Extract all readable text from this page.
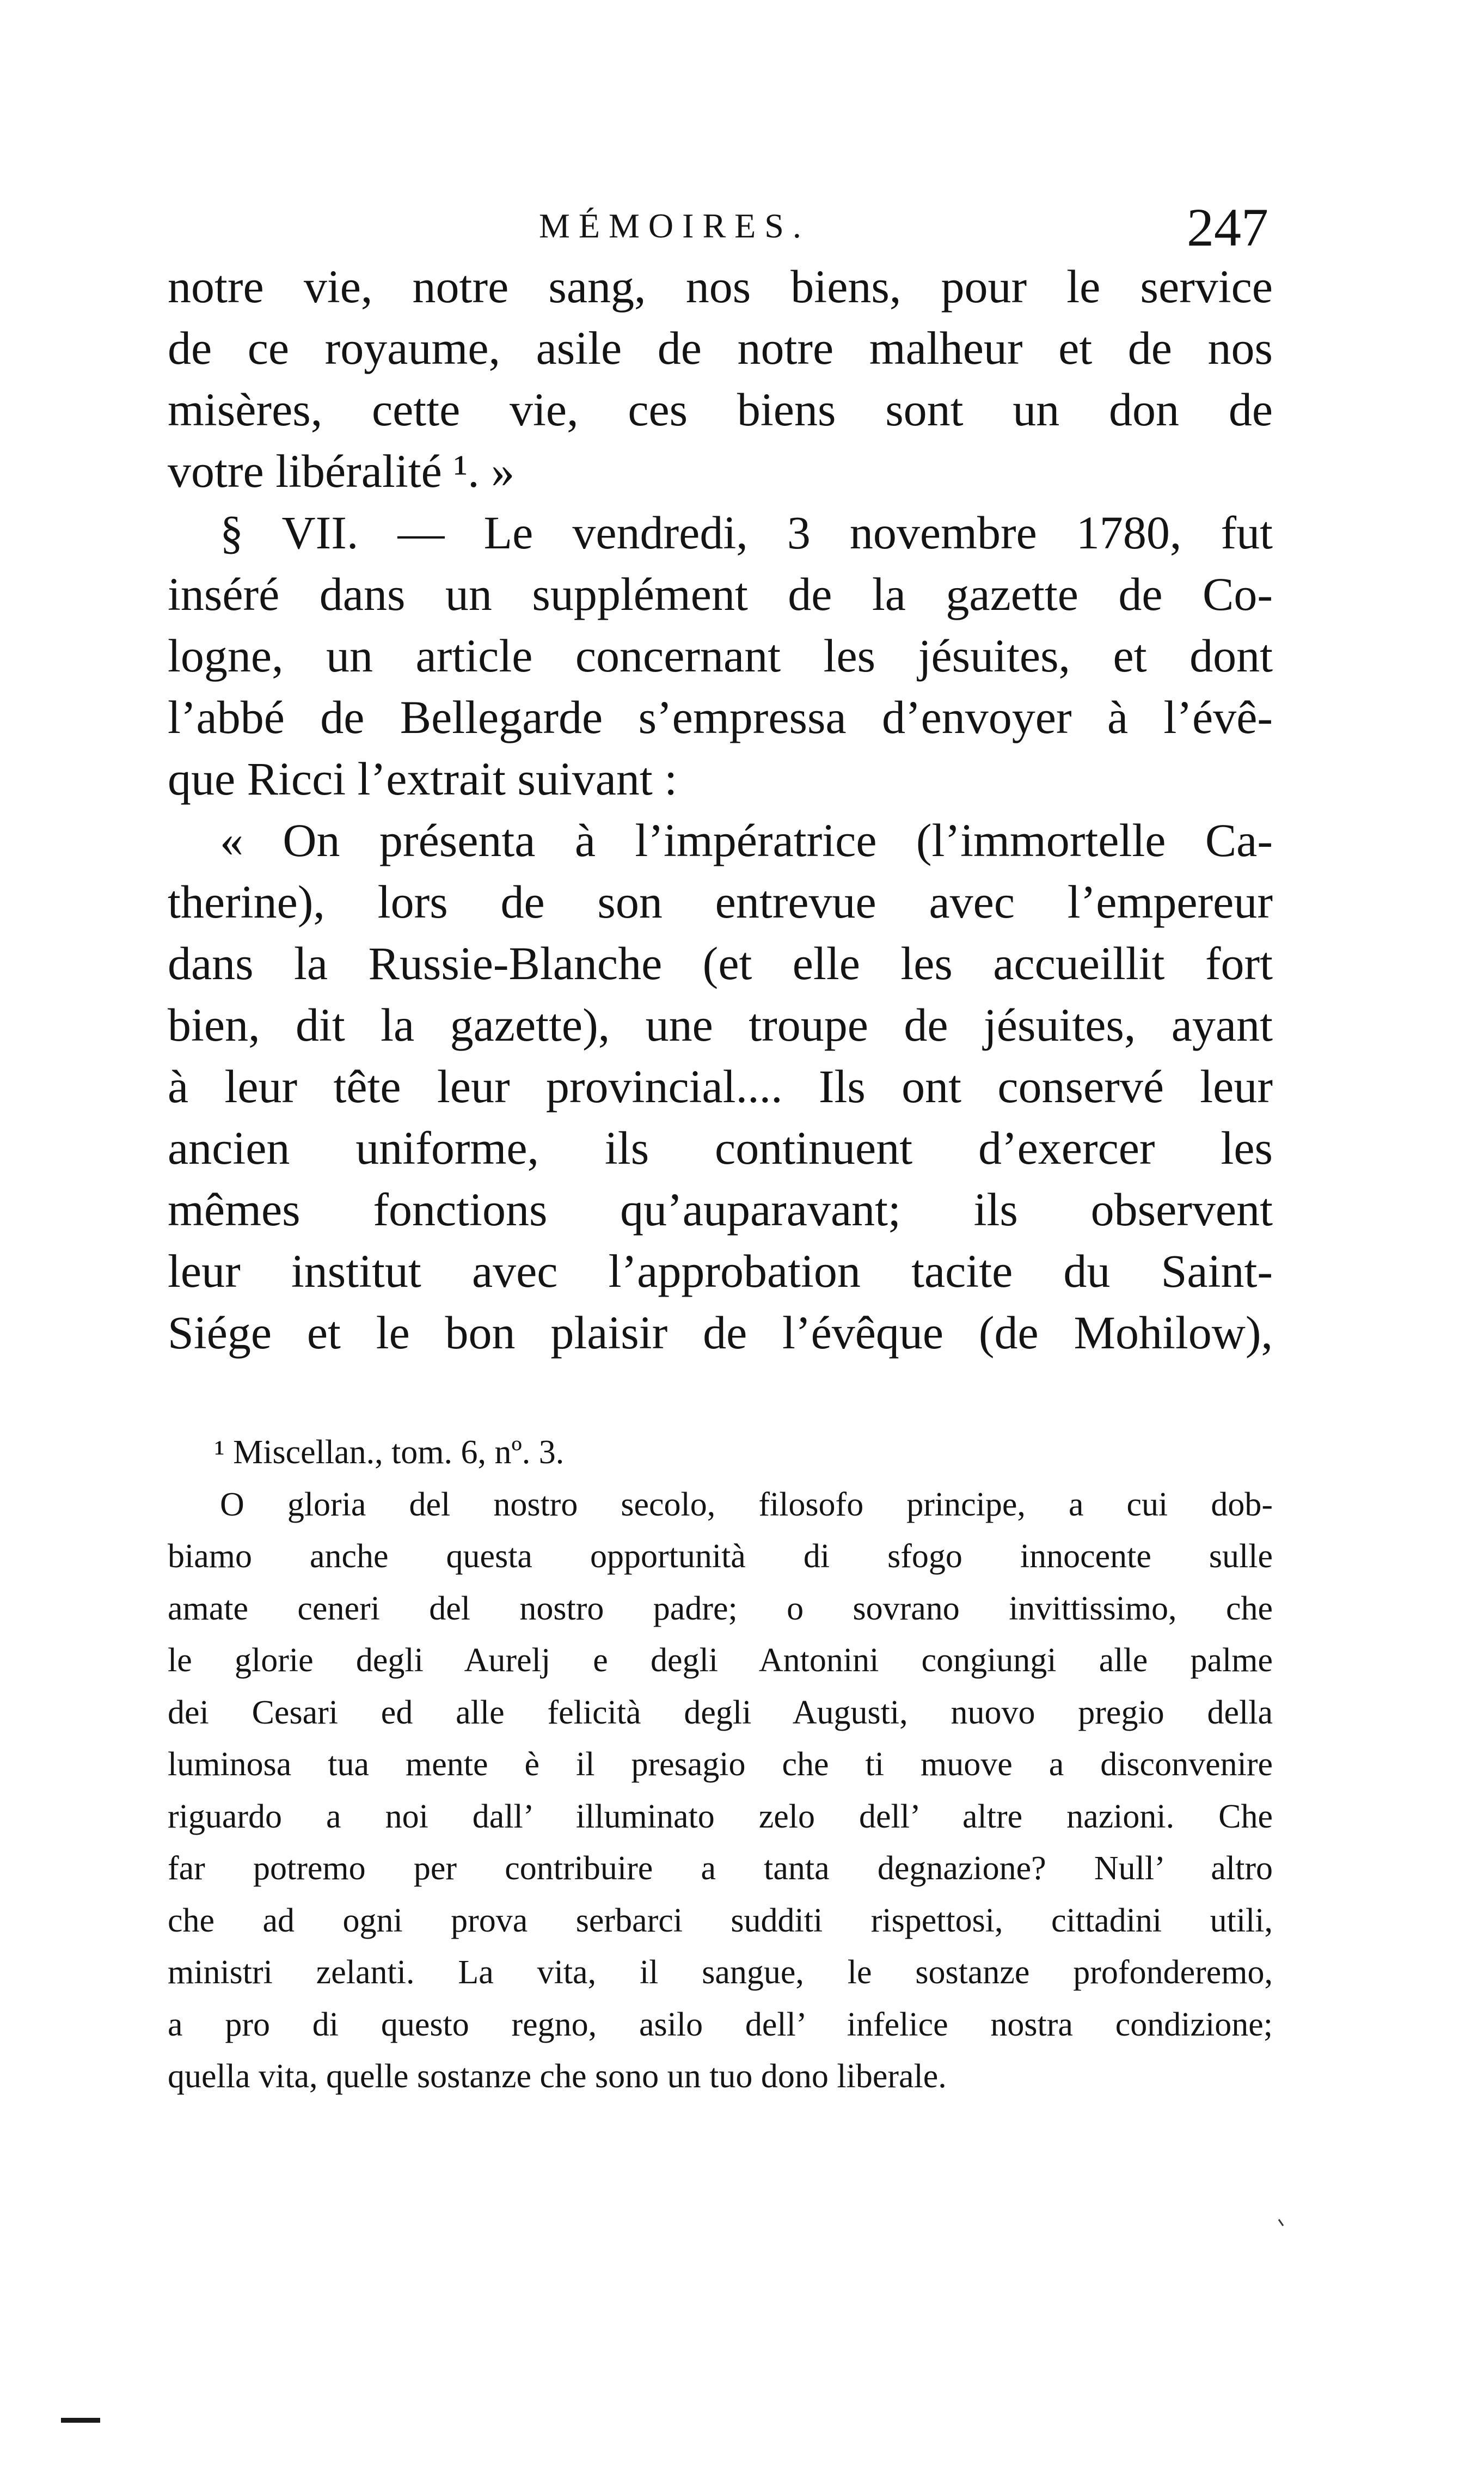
MÉMOIRES.	247
notre vie, notre sang, nos biens, pour le service
de ce royaume, asile de notre malheur et de nos
misères, cette vie, ces biens sont un don de
votre libéralité ¹. »
§ VII. — Le vendredi, 3 novembre 1780, fut
inséré dans un supplément de la gazette de Co-
logne, un article concernant les jésuites, et dont
l’abbé de Bellegarde s’empressa d’envoyer à l’évê-
que Ricci l’extrait suivant :
« On présenta à l’impératrice (l’immortelle Ca-
therine), lors de son entrevue avec l’empereur
dans la Russie-Blanche (et elle les accueillit fort
bien, dit la gazette), une troupe de jésuites, ayant
à leur tête leur provincial.... Ils ont conservé leur
ancien uniforme, ils continuent d’exercer les
mêmes fonctions qu’auparavant; ils observent
leur institut avec l’approbation tacite du Saint-
Siége et le bon plaisir de l’évêque (de Mohilow),
¹ Miscellan., tom. 6, nº. 3.
O gloria del nostro secolo, filosofo principe, a cui dob-
biamo anche questa opportunità di sfogo innocente sulle
amate ceneri del nostro padre; o sovrano invittissimo, che
le glorie degli Aurelj e degli Antonini congiungi alle palme
dei Cesari ed alle felicità degli Augusti, nuovo pregio della
luminosa tua mente è il presagio che ti muove a disconvenire
riguardo a noi dall’ illuminato zelo dell’ altre nazioni. Che
far potremo per contribuire a tanta degnazione? Null’ altro
che ad ogni prova serbarci sudditi rispettosi, cittadini utili,
ministri zelanti. La vita, il sangue, le sostanze profonderemo,
a pro di questo regno, asilo dell’ infelice nostra condizione;
quella vita, quelle sostanze che sono un tuo dono liberale.
